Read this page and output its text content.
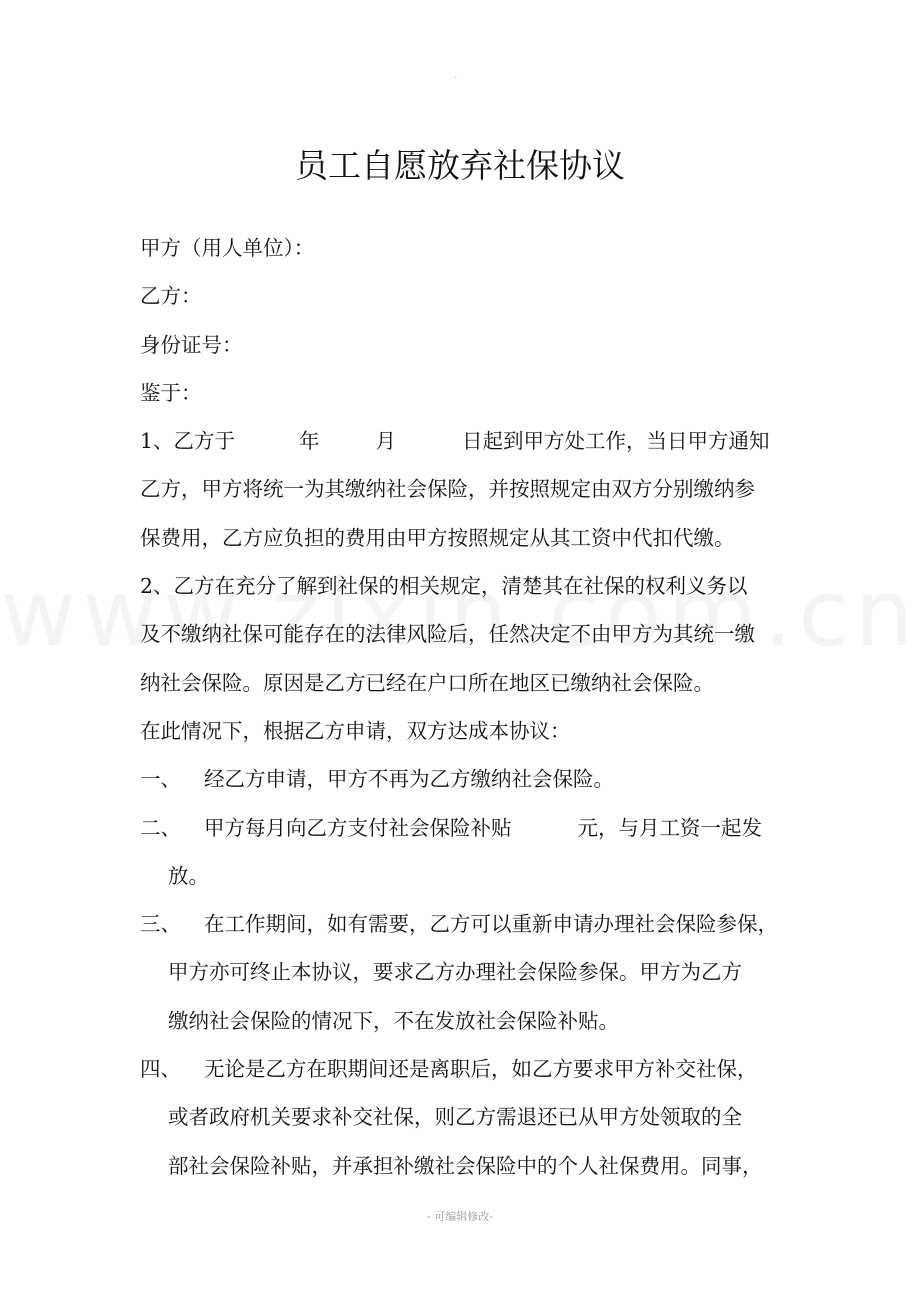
.
员工自愿放弃社保协议
甲方（用人单位）：
乙方：
身份证号：
鉴于：
1、乙方于	年	月	日起到甲方处工作，当日甲方通知
乙方，甲方将统一为其缴纳社会保险，并按照规定由双方分别缴纳参
保费用，乙方应负担的费用由甲方按照规定从其工资中代扣代缴。
2、乙方在充分了解到社保的相关规定，清楚其在社保的权利义务以
及不缴纳社保可能存在的法律风险后，任然决定不由甲方为其统一缴
纳社会保险。原因是乙方已经在户口所在地区已缴纳社会保险。
在此情况下，根据乙方申请，双方达成本协议：
一、 经乙方申请，甲方不再为乙方缴纳社会保险。
二、 甲方每月向乙方支付社会保险补贴	元，与月工资一起发
放。
三、 在工作期间，如有需要，乙方可以重新申请办理社会保险参保，
甲方亦可终止本协议，要求乙方办理社会保险参保。甲方为乙方
缴纳社会保险的情况下，不在发放社会保险补贴。
四、 无论是乙方在职期间还是离职后，如乙方要求甲方补交社保，
或者政府机关要求补交社保，则乙方需退还已从甲方处领取的全
部社会保险补贴，并承担补缴社会保险中的个人社保费用。同事，
- 可编辑修改-
